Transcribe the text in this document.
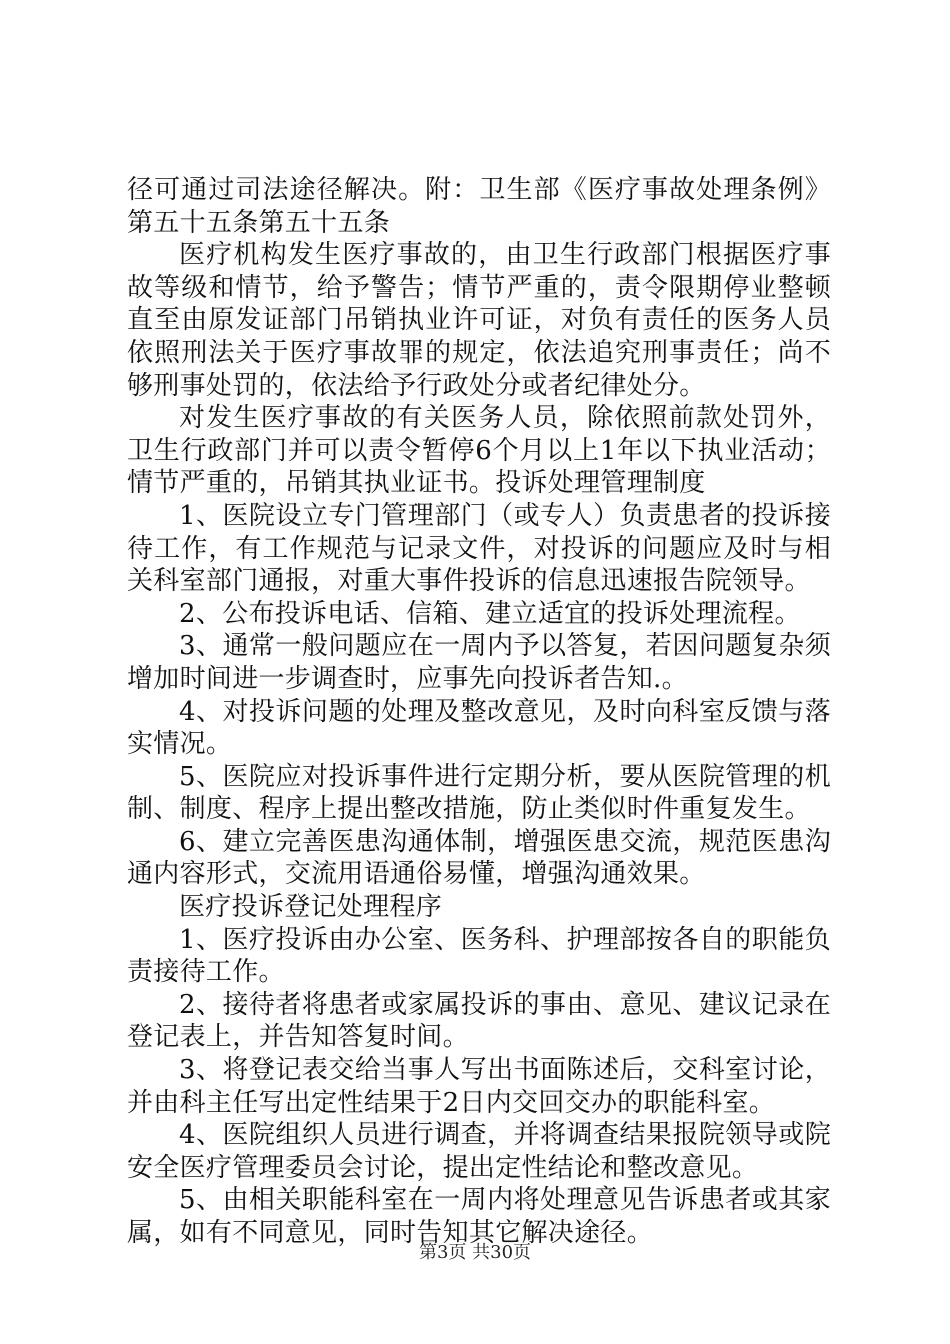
径可通过司法途径解决。附：卫生部《医疗事故处理条例》第五十五条第五十五条

医疗机构发生医疗事故的，由卫生行政部门根据医疗事故等级和情节，给予警告；情节严重的，责令限期停业整顿直至由原发证部门吊销执业许可证，对负有责任的医务人员依照刑法关于医疗事故罪的规定，依法追究刑事责任；尚不够刑事处罚的，依法给予行政处分或者纪律处分。

对发生医疗事故的有关医务人员，除依照前款处罚外，卫生行政部门并可以责令暂停6个月以上1年以下执业活动；情节严重的，吊销其执业证书。投诉处理管理制度

1、医院设立专门管理部门（或专人）负责患者的投诉接待工作，有工作规范与记录文件，对投诉的问题应及时与相关科室部门通报，对重大事件投诉的信息迅速报告院领导。

2、公布投诉电话、信箱、建立适宜的投诉处理流程。

3、通常一般问题应在一周内予以答复，若因问题复杂须增加时间进一步调查时，应事先向投诉者告知.。

4、对投诉问题的处理及整改意见，及时向科室反馈与落实情况。

5、医院应对投诉事件进行定期分析，要从医院管理的机制、制度、程序上提出整改措施，防止类似时件重复发生。

6、建立完善医患沟通体制，增强医患交流，规范医患沟通内容形式，交流用语通俗易懂，增强沟通效果。

医疗投诉登记处理程序

1、医疗投诉由办公室、医务科、护理部按各自的职能负责接待工作。

2、接待者将患者或家属投诉的事由、意见、建议记录在登记表上，并告知答复时间。

3、将登记表交给当事人写出书面陈述后，交科室讨论，并由科主任写出定性结果于2日内交回交办的职能科室。

4、医院组织人员进行调查，并将调查结果报院领导或院安全医疗管理委员会讨论，提出定性结论和整改意见。

5、由相关职能科室在一周内将处理意见告诉患者或其家属，如有不同意见，同时告知其它解决途径。

第3页 共30页
